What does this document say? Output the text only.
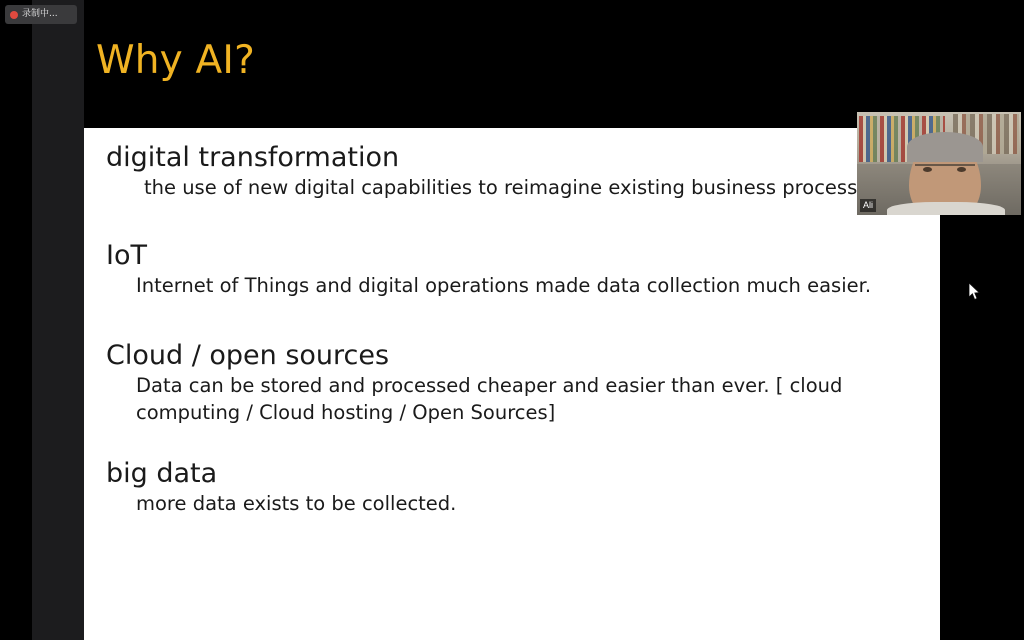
录制中...
Why AI?
digital transformation
the use of new digital capabilities to reimagine existing business process
IoT
Internet of Things and digital operations made data collection much easier.
Cloud / open sources
Data can be stored and processed cheaper and easier than ever. [ cloud computing / Cloud hosting / Open Sources]
big data
more data exists to be collected.
Ali
